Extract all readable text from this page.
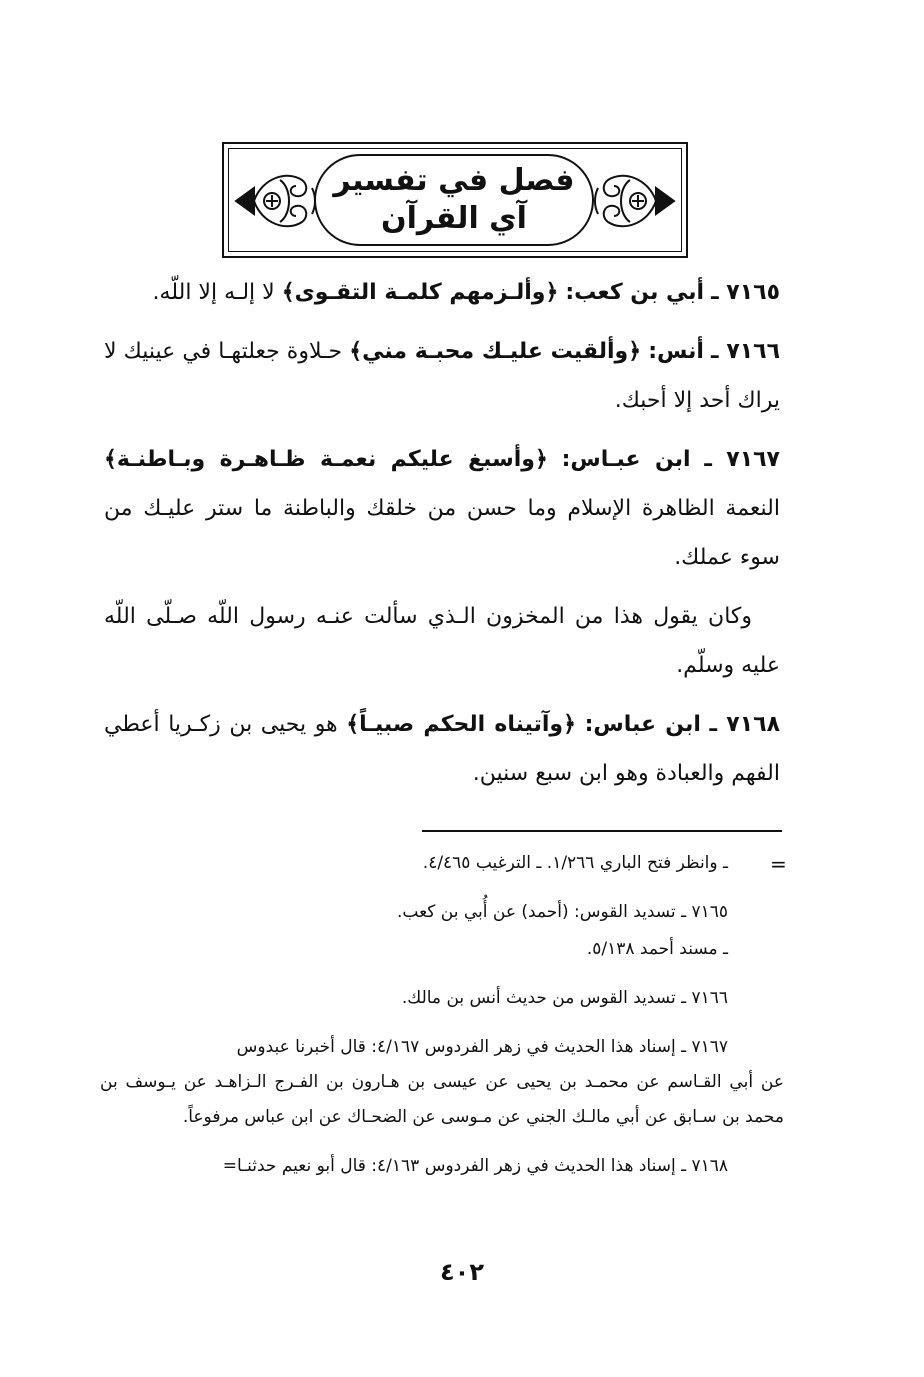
فصل في تفسير
آي القرآن

٧١٦٥ ـ أبي بن كعب: ﴿وألـزمهم كلمـة التقـوى﴾ لا إلـه إلا اللّه.

٧١٦٦ ـ أنس: ﴿وألقيت عليـك محبـة مني﴾ حـلاوة جعلتهـا في عينيك لا يراك أحد إلا أحبك.

٧١٦٧ ـ ابن عبـاس: ﴿وأسبغ عليكم نعمـة ظـاهـرة وبـاطنـة﴾ النعمة الظاهرة الإسلام وما حسن من خلقك والباطنة ما ستر عليـك من سوء عملك.

وكان يقول هذا من المخزون الـذي سألت عنـه رسول اللّه صـلّى اللّه عليه وسلّم.

٧١٦٨ ـ ابن عباس: ﴿وآتيناه الحكم صبيـاً﴾ هو يحيى بن زكـريا أعطي الفهم والعبادة وهو ابن سبع سنين.

=
ـ وانظر فتح الباري ١/٢٦٦. ـ الترغيب ٤/٤٦٥.
٧١٦٥ ـ تسديد القوس: (أحمد) عن أُبي بن كعب.
ـ مسند أحمد ٥/١٣٨.
٧١٦٦ ـ تسديد القوس من حديث أنس بن مالك.
٧١٦٧ ـ إسناد هذا الحديث في زهر الفردوس ٤/١٦٧: قال أخبرنا عبدوس
عن أبي القـاسم عن محمـد بن يحيى عن عيسى بن هـارون بن الفـرج الـزاهـد عن يـوسف بن محمد بن سـابق عن أبي مالـك الجني عن مـوسى عن الضحـاك عن ابن عباس مرفوعاً.
٧١٦٨ ـ إسناد هذا الحديث في زهر الفردوس ٤/١٦٣: قال أبو نعيم حدثنـا=
٤٠٢
